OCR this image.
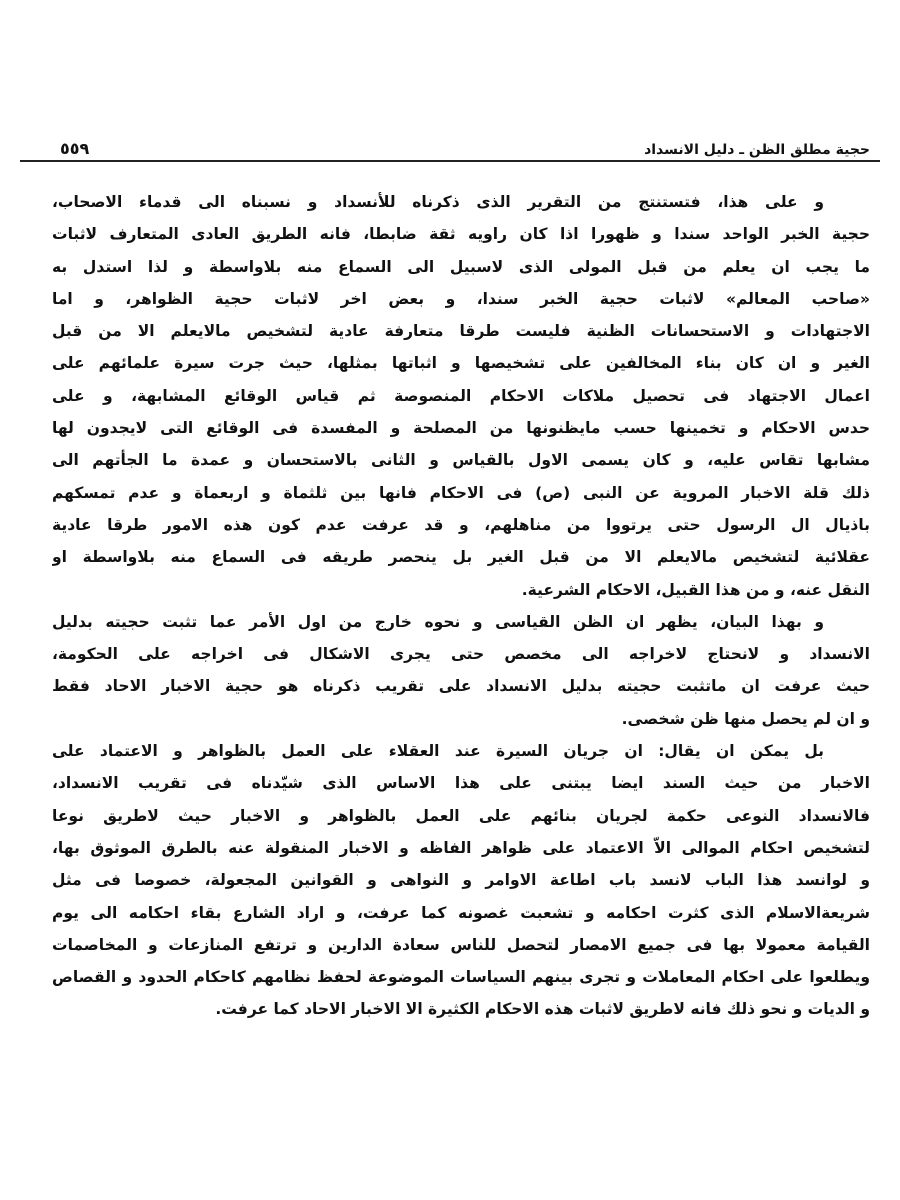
٥٥٩	حجية مطلق الظن ـ دليل الانسداد
و على هذا، فتستنتج من التقرير الذى ذكرناه للأنسداد و نسبناه الى قدماء الاصحاب،
حجية الخبر الواحد سندا و ظهورا اذا كان راويه ثقة ضابطا، فانه الطريق العادى المتعارف لاثبات
ما يجب ان يعلم من قبل المولى الذى لاسبيل الى السماع منه بلاواسطة و لذا استدل به
«صاحب المعالم» لاثبات حجية الخبر سندا، و بعض اخر لاثبات حجية الظواهر، و اما
الاجتهادات و الاستحسانات الظنية فليست طرقا متعارفة عادية لتشخيص مالايعلم الا من قبل
الغير و ان كان بناء المخالفين على تشخيصها و اثباتها بمثلها، حيث جرت سيرة علمائهم على
اعمال الاجتهاد فى تحصيل ملاكات الاحكام المنصوصة ثم قياس الوقائع المشابهة، و على
حدس الاحكام و تخمينها حسب مايظنونها من المصلحة و المفسدة فى الوقائع التى لايجدون لها
مشابها تقاس عليه، و كان يسمى الاول بالقياس و الثانى بالاستحسان و عمدة ما الجأتهم الى
ذلك قلة الاخبار المروية عن النبى (ص) فى الاحكام فانها بين ثلثماة و اربعماة و عدم تمسكهم
باذيال ال الرسول حتى يرتووا من مناهلهم، و قد عرفت عدم كون هذه الامور طرقا عادية
عقلائية لتشخيص مالايعلم الا من قبل الغير بل ينحصر طريقه فى السماع منه بلاواسطة او
النقل عنه، و من هذا القبيل، الاحكام الشرعية.
و بهذا البيان، يظهر ان الظن القياسى و نحوه خارج من اول الأمر عما تثبت حجيته بدليل
الانسداد و لانحتاج لاخراجه الى مخصص حتى يجرى الاشكال فى اخراجه على الحكومة،
حيث عرفت ان ماتثبت حجيته بدليل الانسداد على تقريب ذكرناه هو حجية الاخبار الاحاد فقط
و ان لم يحصل منها ظن شخصى.
بل يمكن ان يقال: ان جريان السيرة عند العقلاء على العمل بالظواهر و الاعتماد على
الاخبار من حيث السند ايضا يبتنى على هذا الاساس الذى شيّدناه فى تقريب الانسداد،
فالانسداد النوعى حكمة لجريان بنائهم على العمل بالظواهر و الاخبار حيث لاطريق نوعا
لتشخيص احكام الموالى الاّ الاعتماد على ظواهر الفاظه و الاخبار المنقولة عنه بالطرق الموثوق بها،
و لوانسد هذا الباب لانسد باب اطاعة الاوامر و النواهى و القوانين المجعولة، خصوصا فى مثل
شريعةالاسلام الذى كثرت احكامه و تشعبت غصونه كما عرفت، و اراد الشارع بقاء احكامه الى يوم
القيامة معمولا بها فى جميع الامصار لتحصل للناس سعادة الدارين و ترتفع المنازعات و المخاصمات
ويطلعوا على احكام المعاملات و تجرى بينهم السياسات الموضوعة لحفظ نظامهم كاحكام الحدود و القصاص
و الديات و نحو ذلك فانه لاطريق لاثبات هذه الاحكام الكثيرة الا الاخبار الاحاد كما عرفت.
